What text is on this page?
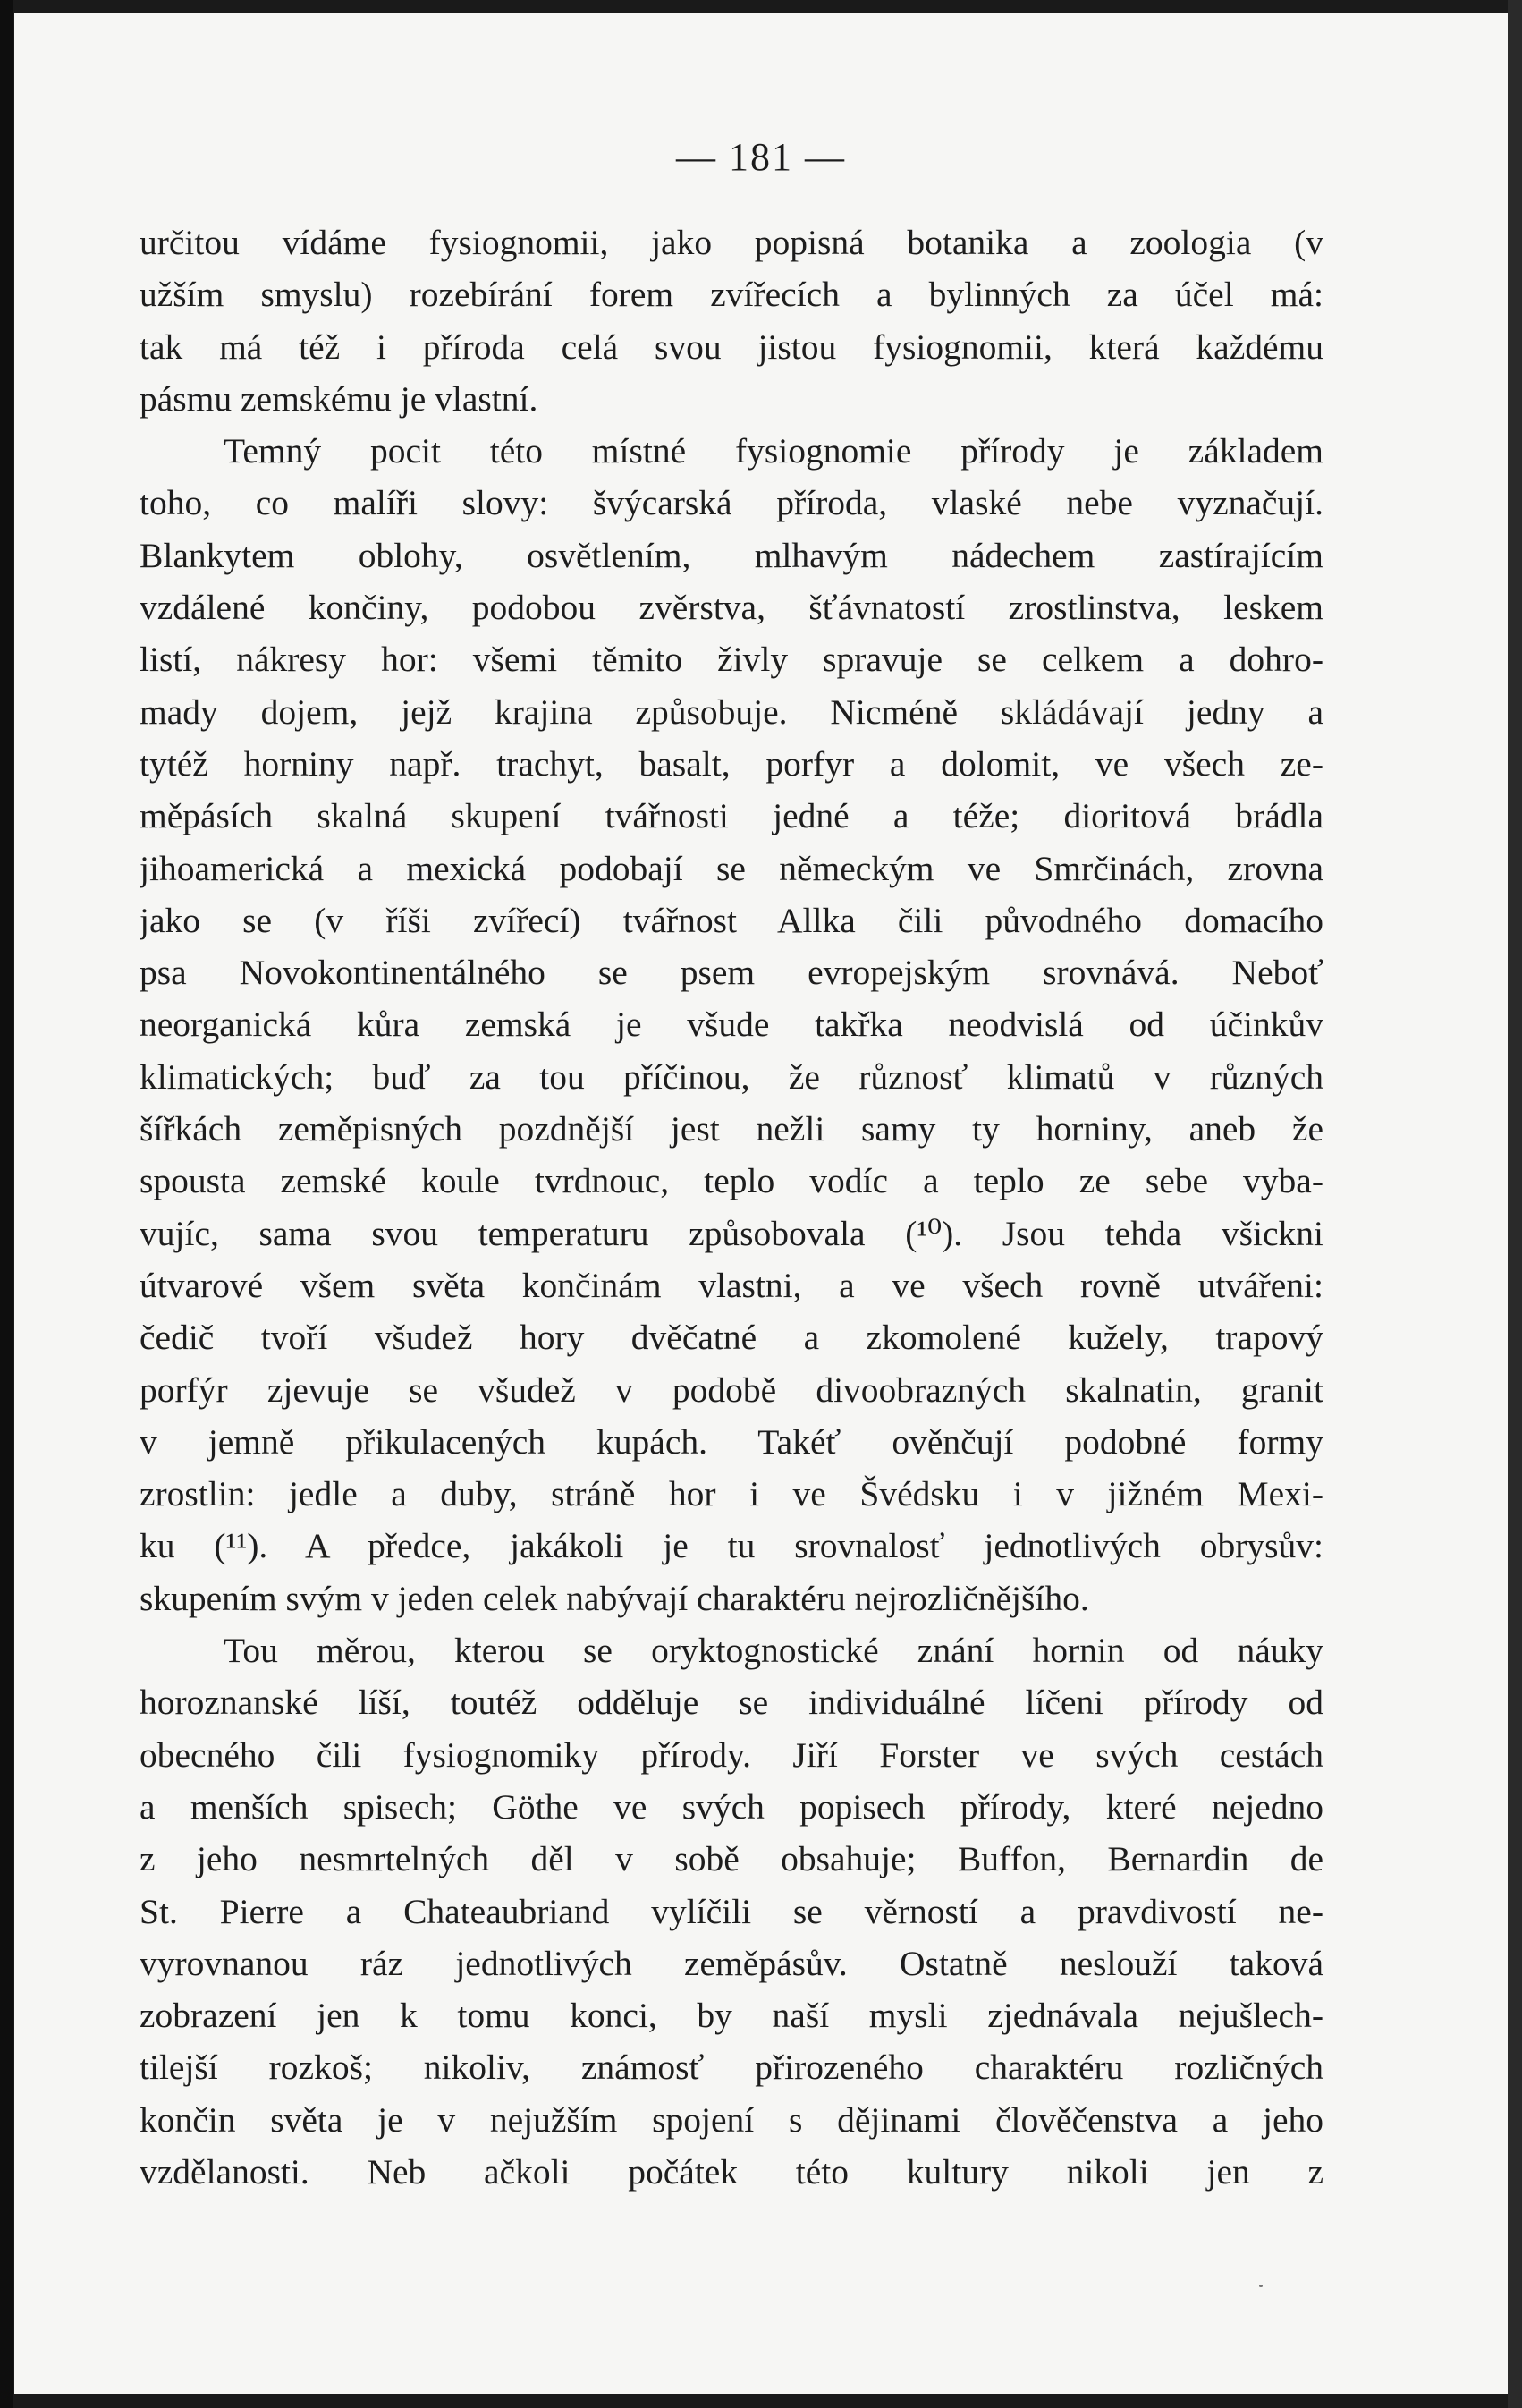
— 181 —
určitou vídáme fysiognomii, jako popisná botanika a zoologia (v
užším smyslu) rozebírání forem zvířecích a bylinných za účel má:
tak má též i příroda celá svou jistou fysiognomii, která každému
pásmu zemskému je vlastní.
Temný pocit této místné fysiognomie přírody je základem
toho, co malíři slovy: švýcarská příroda, vlaské nebe vyznačují.
Blankytem oblohy, osvětlením, mlhavým nádechem zastírajícím
vzdálené končiny, podobou zvěrstva, šťávnatostí zrostlinstva, leskem
listí, nákresy hor: všemi těmito živly spravuje se celkem a dohro-
mady dojem, jejž krajina způsobuje. Nicméně skládávají jedny a
tytéž horniny např. trachyt, basalt, porfyr a dolomit, ve všech ze-
měpásích skalná skupení tvářnosti jedné a téže; dioritová brádla
jihoamerická a mexická podobají se německým ve Smrčinách, zrovna
jako se (v říši zvířecí) tvářnost Allka čili původného domacího
psa Novokontinentálného se psem evropejským srovnává. Neboť
neorganická kůra zemská je všude takřka neodvislá od účinkův
klimatických; buď za tou příčinou, že různosť klimatů v různých
šířkách zeměpisných pozdnější jest nežli samy ty horniny, aneb že
spousta zemské koule tvrdnouc, teplo vodíc a teplo ze sebe vyba-
vujíc, sama svou temperaturu způsobovala (¹⁰). Jsou tehda všickni
útvarové všem světa končinám vlastni, a ve všech rovně utvářeni:
čedič tvoří všudež hory dvěčatné a zkomolené kužely, trapový
porfýr zjevuje se všudež v podobě divoobrazných skalnatin, granit
v jemně přikulacených kupách. Takéť ověnčují podobné formy
zrostlin: jedle a duby, stráně hor i ve Švédsku i v jižném Mexi-
ku (¹¹). A předce, jakákoli je tu srovnalosť jednotlivých obrysův:
skupením svým v jeden celek nabývají charaktéru nejrozličnějšího.
Tou měrou, kterou se oryktognostické znání hornin od náuky
horoznanské líší, toutéž odděluje se individuálné líčeni přírody od
obecného čili fysiognomiky přírody. Jiří Forster ve svých cestách
a menších spisech; Göthe ve svých popisech přírody, které nejedno
z jeho nesmrtelných děl v sobě obsahuje; Buffon, Bernardin de
St. Pierre a Chateaubriand vylíčili se věrností a pravdivostí ne-
vyrovnanou ráz jednotlivých zeměpásův. Ostatně neslouží taková
zobrazení jen k tomu konci, by naší mysli zjednávala nejušlech-
tilejší rozkoš; nikoliv, známosť přirozeného charaktéru rozličných
končin světa je v nejužším spojení s dějinami člověčenstva a jeho
vzdělanosti. Neb ačkoli počátek této kultury nikoli jen z
